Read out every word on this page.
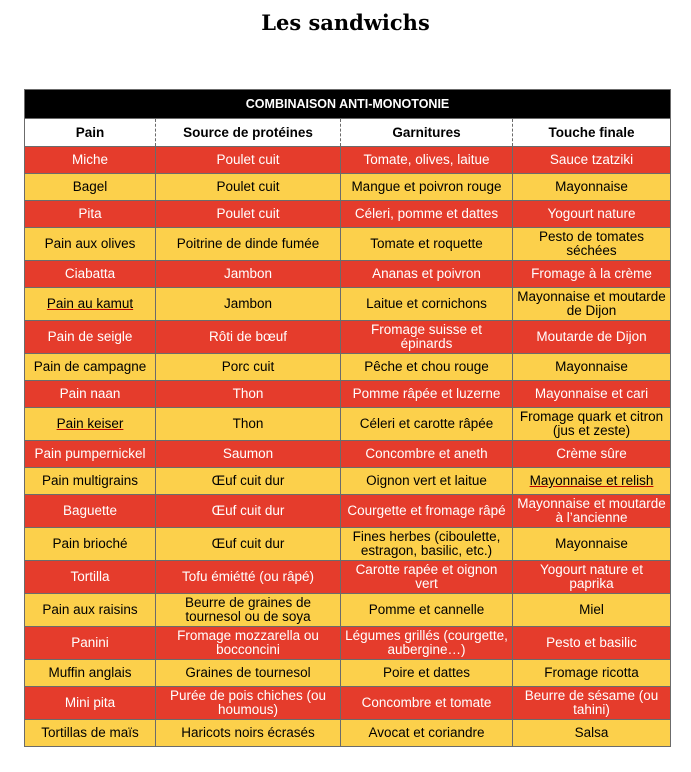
Les sandwichs
COMBINAISON ANTI-MONOTONIE			
Pain	Source de protéines	Garnitures	Touche finale
Miche	Poulet cuit	Tomate, olives, laitue	Sauce tzatziki
Bagel	Poulet cuit	Mangue et poivron rouge	Mayonnaise
Pita	Poulet cuit	Céleri, pomme et dattes	Yogourt nature
Pain aux olives	Poitrine de dinde fumée	Tomate et roquette	Pesto de tomates séchées
Ciabatta	Jambon	Ananas et poivron	Fromage à la crème
Pain au kamut	Jambon	Laitue et cornichons	Mayonnaise et moutarde de Dijon
Pain de seigle	Rôti de bœuf	Fromage suisse et épinards	Moutarde de Dijon
Pain de campagne	Porc cuit	Pêche et chou rouge	Mayonnaise
Pain naan	Thon	Pomme râpée et luzerne	Mayonnaise et cari
Pain keiser	Thon	Céleri et carotte râpée	Fromage quark et citron (jus et zeste)
Pain pumpernickel	Saumon	Concombre et aneth	Crème sûre
Pain multigrains	Œuf cuit dur	Oignon vert et laitue	Mayonnaise et relish
Baguette	Œuf cuit dur	Courgette et fromage râpé	Mayonnaise et moutarde à l’ancienne
Pain brioché	Œuf cuit dur	Fines herbes (ciboulette, estragon, basilic, etc.)	Mayonnaise
Tortilla	Tofu émiétté (ou râpé)	Carotte rapée et oignon vert	Yogourt nature et paprika
Pain aux raisins	Beurre de graines de tournesol ou de soya	Pomme et cannelle	Miel
Panini	Fromage mozzarella ou bocconcini	Légumes grillés (courgette, aubergine…)	Pesto et basilic
Muffin anglais	Graines de tournesol	Poire et dattes	Fromage ricotta
Mini pita	Purée de pois chiches (ou houmous)	Concombre et tomate	Beurre de sésame (ou tahini)
Tortillas de maïs	Haricots noirs écrasés	Avocat et coriandre	Salsa
